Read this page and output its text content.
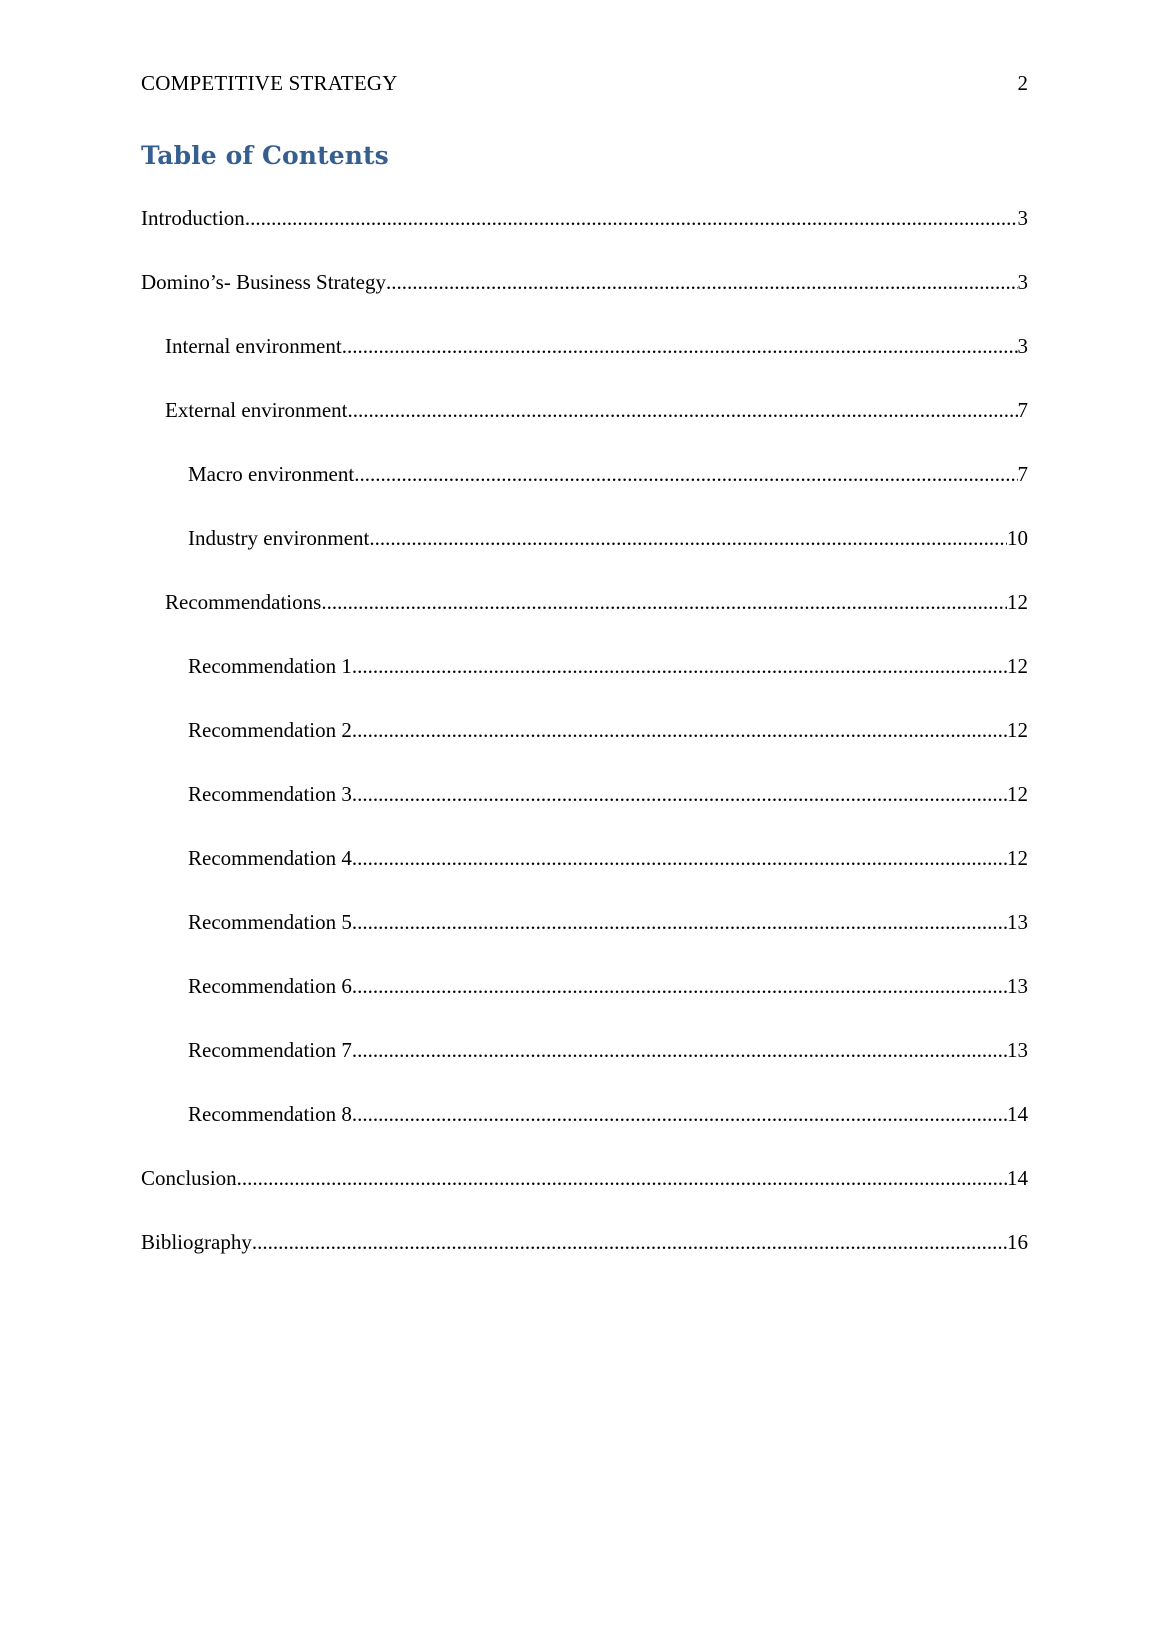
COMPETITIVE STRATEGY	2
Table of Contents
Introduction .....	3
Domino’s- Business Strategy .....	3
Internal environment .....	3
External environment .....	7
Macro environment .....	7
Industry environment .....	10
Recommendations .....	12
Recommendation 1 .....	12
Recommendation 2 .....	12
Recommendation 3 .....	12
Recommendation 4 .....	12
Recommendation 5 .....	13
Recommendation 6 .....	13
Recommendation 7 .....	13
Recommendation 8 .....	14
Conclusion .....	14
Bibliography .....	16
